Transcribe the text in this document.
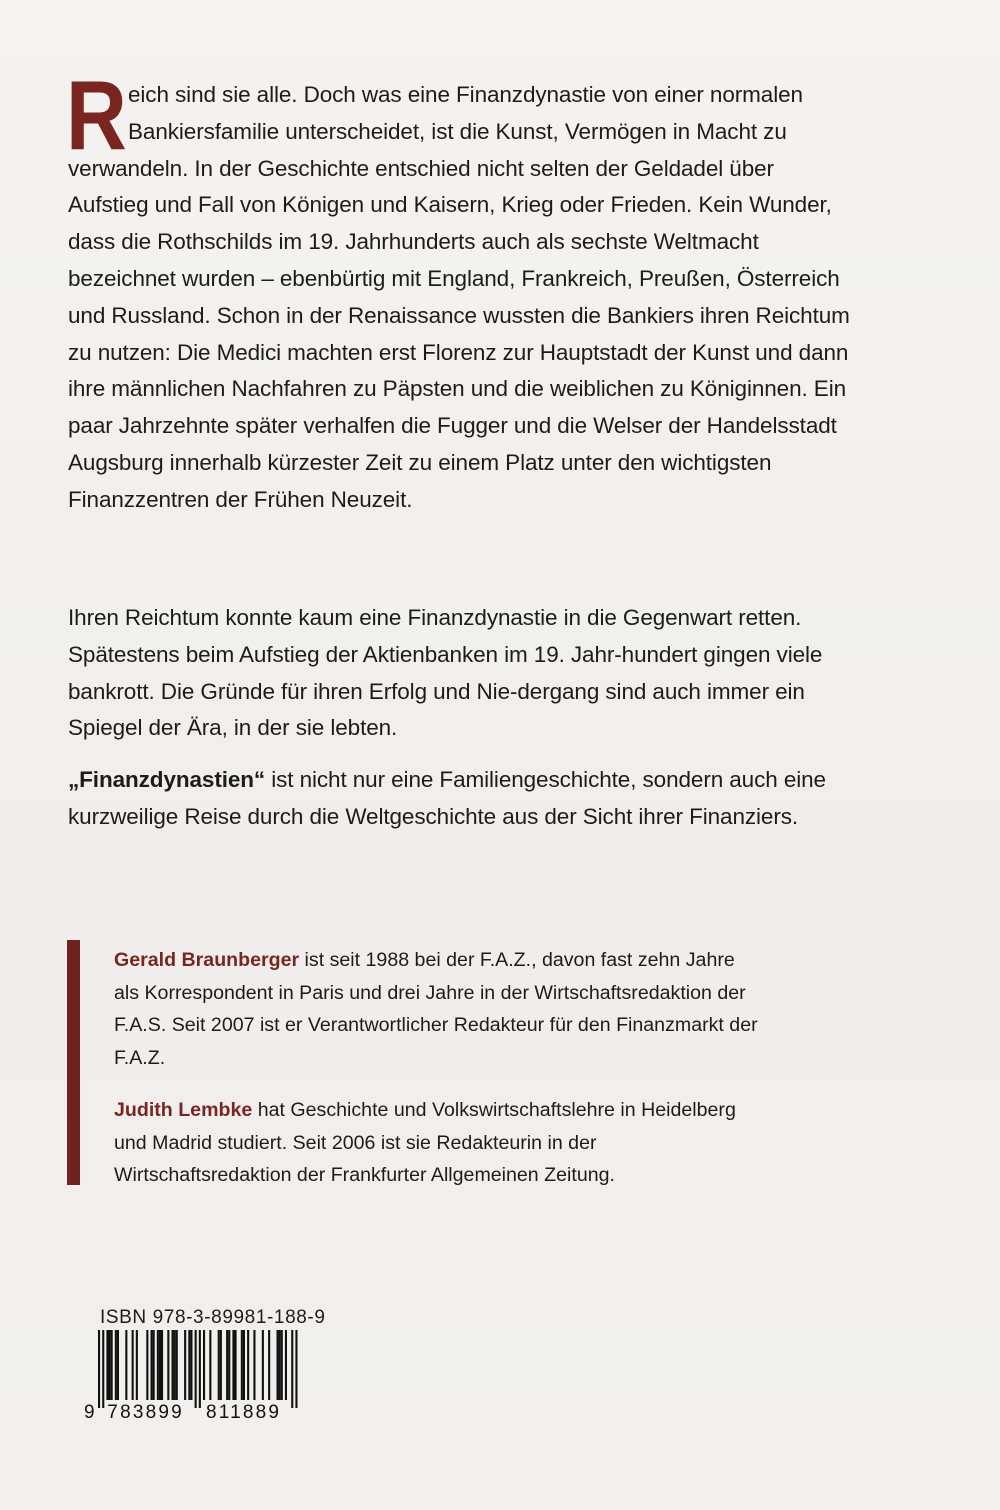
Reich sind sie alle. Doch was eine Finanzdynastie von einer normalen Bankiersfamilie unterscheidet, ist die Kunst, Vermögen in Macht zu verwandeln. In der Geschichte entschied nicht selten der Geldadel über Aufstieg und Fall von Königen und Kaisern, Krieg oder Frieden. Kein Wunder, dass die Rothschilds im 19. Jahrhunderts auch als sechste Weltmacht bezeichnet wurden – ebenbürtig mit England, Frankreich, Preußen, Österreich und Russland. Schon in der Renaissance wussten die Bankiers ihren Reichtum zu nutzen: Die Medici machten erst Florenz zur Hauptstadt der Kunst und dann ihre männlichen Nachfahren zu Päpsten und die weiblichen zu Königinnen. Ein paar Jahrzehnte später verhalfen die Fugger und die Welser der Handelsstadt Augsburg innerhalb kürzester Zeit zu einem Platz unter den wichtigsten Finanzzentren der Frühen Neuzeit.

Ihren Reichtum konnte kaum eine Finanzdynastie in die Gegenwart retten. Spätestens beim Aufstieg der Aktienbanken im 19. Jahr-hundert gingen viele bankrott. Die Gründe für ihren Erfolg und Nie-dergang sind auch immer ein Spiegel der Ära, in der sie lebten.

„Finanzdynastien“ ist nicht nur eine Familiengeschichte, sondern auch eine kurzweilige Reise durch die Weltgeschichte aus der Sicht ihrer Finanziers.

Gerald Braunberger ist seit 1988 bei der F.A.Z., davon fast zehn Jahre als Korrespondent in Paris und drei Jahre in der Wirtschaftsredaktion der F.A.S. Seit 2007 ist er Verantwortlicher Redakteur für den Finanzmarkt der F.A.Z.

Judith Lembke hat Geschichte und Volkswirtschaftslehre in Heidelberg und Madrid studiert. Seit 2006 ist sie Redakteurin in der Wirtschaftsredaktion der Frankfurter Allgemeinen Zeitung.

ISBN 978-3-89981-188-9
9 783899 811889
